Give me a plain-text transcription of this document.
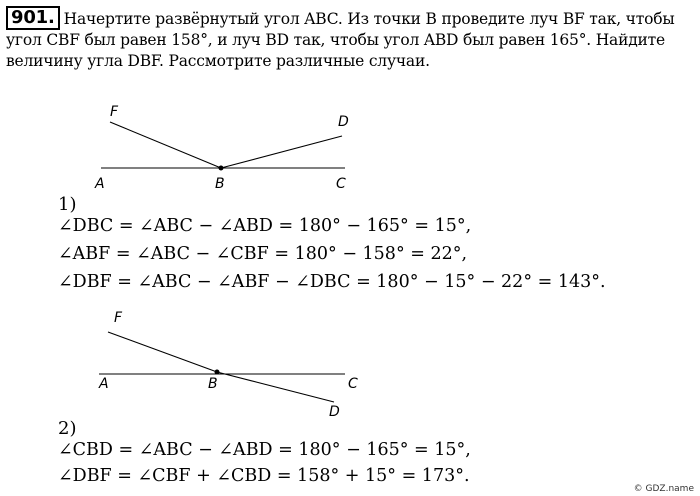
901. Начертите развёрнутый угол ABC. Из точки B проведите луч BF так, чтобы угол CBF был равен 158°, и луч BD так, чтобы угол ABD был равен 165°. Найдите величину угла DBF. Рассмотрите различные случаи.
F
D
A	B	C
1)
∠DBC = ∠ABC − ∠ABD = 180° − 165° = 15°,
∠ABF = ∠ABC − ∠CBF = 180° − 158° = 22°,
∠DBF = ∠ABC − ∠ABF − ∠DBC = 180° − 15° − 22° = 143°.
F
A	B	C
D
2)
∠CBD = ∠ABC − ∠ABD = 180° − 165° = 15°,
∠DBF = ∠CBF + ∠CBD = 158° + 15° = 173°.
© GDZ.name
